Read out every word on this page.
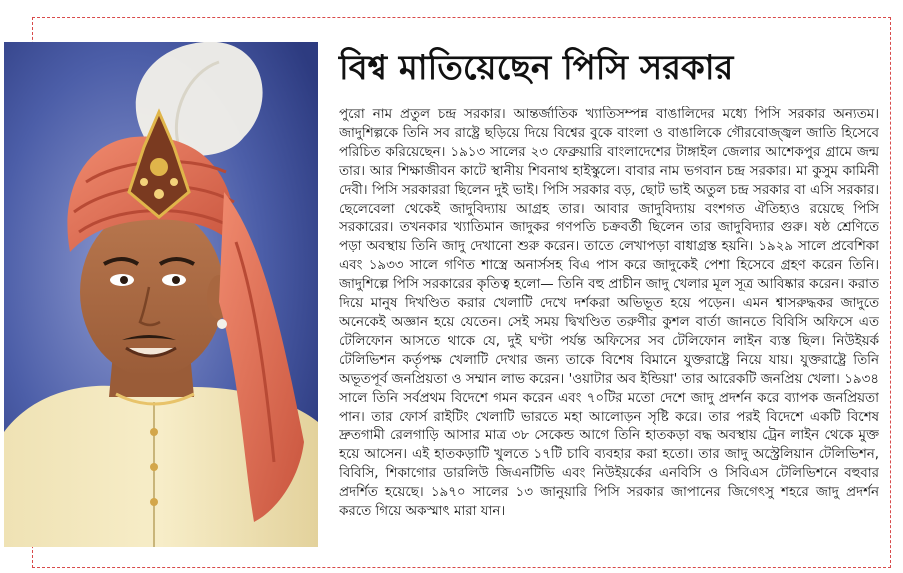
বিশ্ব মাতিয়েছেন পিসি সরকার

পুরো নাম প্রতুল চন্দ্র সরকার। আন্তর্জাতিক খ্যাতিসম্পন্ন বাঙালিদের মধ্যে পিসি সরকার অন্যতম। জাদুশিল্পকে তিনি সব রাষ্ট্রে ছড়িয়ে দিয়ে বিশ্বের বুকে বাংলা ও বাঙালিকে গৌরবোজ্জ্বল জাতি হিসেবে পরিচিত করিয়েছেন। ১৯১৩ সালের ২৩ ফেব্রুয়ারি বাংলাদেশের টাঙ্গাইল জেলার আশেকপুর গ্রামে জন্ম তার। আর শিক্ষাজীবন কাটে স্থানীয় শিবনাথ হাইস্কুলে। বাবার নাম ভগবান চন্দ্র সরকার। মা কুসুম কামিনী দেবী। পিসি সরকাররা ছিলেন দুই ভাই। পিসি সরকার বড়, ছোট ভাই অতুল চন্দ্র সরকার বা এসি সরকার। ছেলেবেলা থেকেই জাদুবিদ্যায় আগ্রহ তার। আবার জাদুবিদ্যায় বংশগত ঐতিহ্যও রয়েছে পিসি সরকারের। তখনকার খ্যাতিমান জাদুকর গণপতি চক্রবর্তী ছিলেন তার জাদুবিদ্যার গুরু। ষষ্ঠ শ্রেণিতে পড়া অবস্থায় তিনি জাদু দেখানো শুরু করেন। তাতে লেখাপড়া বাধাগ্রস্ত হয়নি। ১৯২৯ সালে প্রবেশিকা এবং ১৯৩৩ সালে গণিত শাস্ত্রে অনার্সসহ বিএ পাস করে জাদুকেই পেশা হিসেবে গ্রহণ করেন তিনি। জাদুশিল্পে পিসি সরকারের কৃতিত্ব হলো— তিনি বহু প্রাচীন জাদু খেলার মূল সূত্র আবিষ্কার করেন। করাত দিয়ে মানুষ দিখণ্ডিত করার খেলাটি দেখে দর্শকরা অভিভূত হয়ে পড়েন। এমন শ্বাসরুদ্ধকর জাদুতে অনেকেই অজ্ঞান হয়ে যেতেন। সেই সময় দ্বিখণ্ডিত তরুণীর কুশল বার্তা জানতে বিবিসি অফিসে এত টেলিফোন আসতে থাকে যে, দুই ঘণ্টা পর্যন্ত অফিসের সব টেলিফোন লাইন ব্যস্ত ছিল। নিউইয়র্ক টেলিভিশন কর্তৃপক্ষ খেলাটি দেখার জন্য তাকে বিশেষ বিমানে যুক্তরাষ্ট্রে নিয়ে যায়। যুক্তরাষ্ট্রে তিনি অভূতপূর্ব জনপ্রিয়তা ও সম্মান লাভ করেন। 'ওয়াটার অব ইন্ডিয়া' তার আরেকটি জনপ্রিয় খেলা। ১৯৩৪ সালে তিনি সর্বপ্রথম বিদেশে গমন করেন এবং ৭০টির মতো দেশে জাদু প্রদর্শন করে ব্যাপক জনপ্রিয়তা পান। তার ফোর্স রাইটিং খেলাটি ভারতে মহা আলোড়ন সৃষ্টি করে। তার পরই বিদেশে একটি বিশেষ দ্রুতগামী রেলগাড়ি আসার মাত্র ৩৮ সেকেন্ড আগে তিনি হাতকড়া বদ্ধ অবস্থায় ট্রেন লাইন থেকে মুক্ত হয়ে আসেন। এই হাতকড়াটি খুলতে ১৭টি চাবি ব্যবহার করা হতো। তার জাদু অস্ট্রেলিয়ান টেলিভিশন, বিবিসি, শিকাগোর ডারলিউ জিএনটিভি এবং নিউইয়র্কের এনবিসি ও সিবিএস টেলিভিশনে বহুবার প্রদর্শিত হয়েছে। ১৯৭০ সালের ১৩ জানুয়ারি পিসি সরকার জাপানের জিগেৎসু শহরে জাদু প্রদর্শন করতে গিয়ে অকস্মাৎ মারা যান।
